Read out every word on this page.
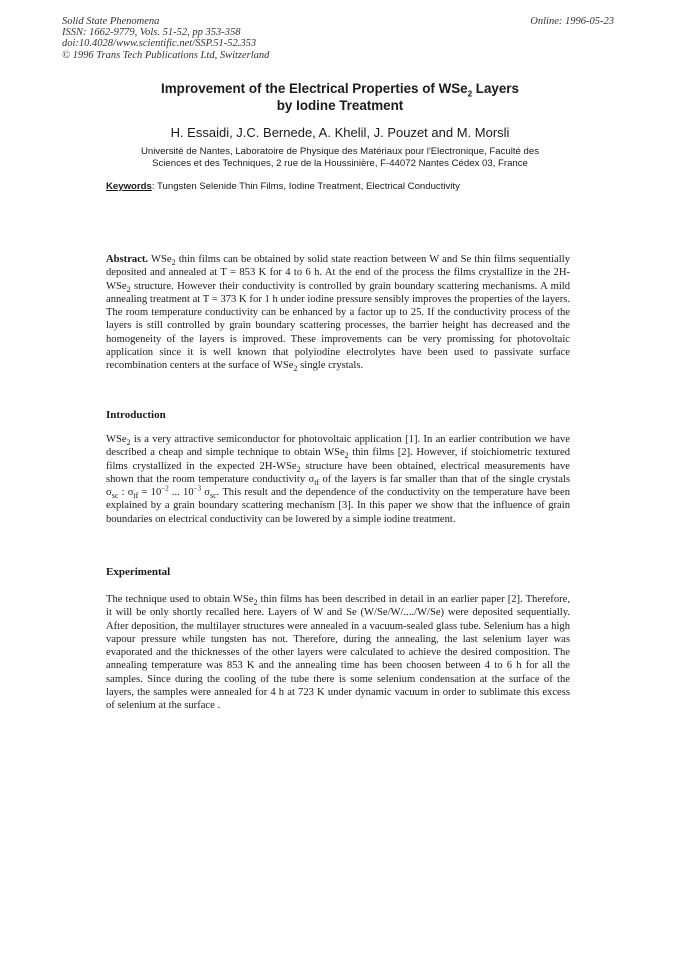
Solid State Phenomena
ISSN: 1662-9779, Vols. 51-52, pp 353-358
doi:10.4028/www.scientific.net/SSP.51-52.353
© 1996 Trans Tech Publications Ltd, Switzerland
Online: 1996-05-23
Improvement of the Electrical Properties of WSe$_2$ Layers
by Iodine Treatment
H. Essaidi, J.C. Bernede, A. Khelil, J. Pouzet and M. Morsli
Université de Nantes, Laboratoire de Physique des Matériaux pour l'Electronique, Faculté des
Sciences et des Techniques, 2 rue de la Houssinière, F-44072 Nantes Cédex 03, France
Keywords: Tungsten Selenide Thin Films, Iodine Treatment, Electrical Conductivity

Abstract. WSe$_2$ thin films can be obtained by solid state reaction between W and Se thin films sequentially deposited and annealed at T = 853 K for 4 to 6 h. At the end of the process the films crystallize in the 2H-WSe$_2$ structure. However their conductivity is controlled by grain boundary scattering mechanisms. A mild annealing treatment at T = 373 K for 1 h under iodine pressure sensibly improves the properties of the layers. The room temperature conductivity can be enhanced by a factor up to 25. If the conductivity process of the layers is still controlled by grain boundary scattering processes, the barrier height has decreased and the homogeneity of the layers is improved. These improvements can be very promissing for photovoltaic application since it is well known that polyiodine electrolytes have been used to passivate surface recombination centers at the surface of WSe$_2$ single crystals.

Introduction

WSe$_2$ is a very attractive semiconductor for photovoltaic application [1]. In an earlier contribution we have described a cheap and simple technique to obtain WSe$_2$ thin films [2]. However, if stoichiometric textured films crystallized in the expected 2H-WSe$_2$ structure have been obtained, electrical measurements have shown that the room temperature conductivity $\sigma_{tf}$ of the layers is far smaller than that of the single crystals $\sigma_{sc}$ : $\sigma_{tf} = 10^{-2}$ ... $10^{-3}$ $\sigma_{sc}$. This result and the dependence of the conductivity on the temperature have been explained by a grain boundary scattering mechanism [3]. In this paper we show that the influence of grain boundaries on electrical conductivity can be lowered by a simple iodine treatment.

Experimental

The technique used to obtain WSe$_2$ thin films has been described in detail in an earlier paper [2]. Therefore, it will be only shortly recalled here. Layers of W and Se (W/Se/W/..../W/Se) were deposited sequentially. After deposition, the multilayer structures were annealed in a vacuum-sealed glass tube. Selenium has a high vapour pressure while tungsten has not. Therefore, during the annealing, the last selenium layer was evaporated and the thicknesses of the other layers were calculated to achieve the desired composition. The annealing temperature was 853 K and the annealing time has been choosen between 4 to 6 h for all the samples. Since during the cooling of the tube there is some selenium condensation at the surface of the layers, the samples were annealed for 4 h at 723 K under dynamic vacuum in order to sublimate this excess of selenium at the surface .
